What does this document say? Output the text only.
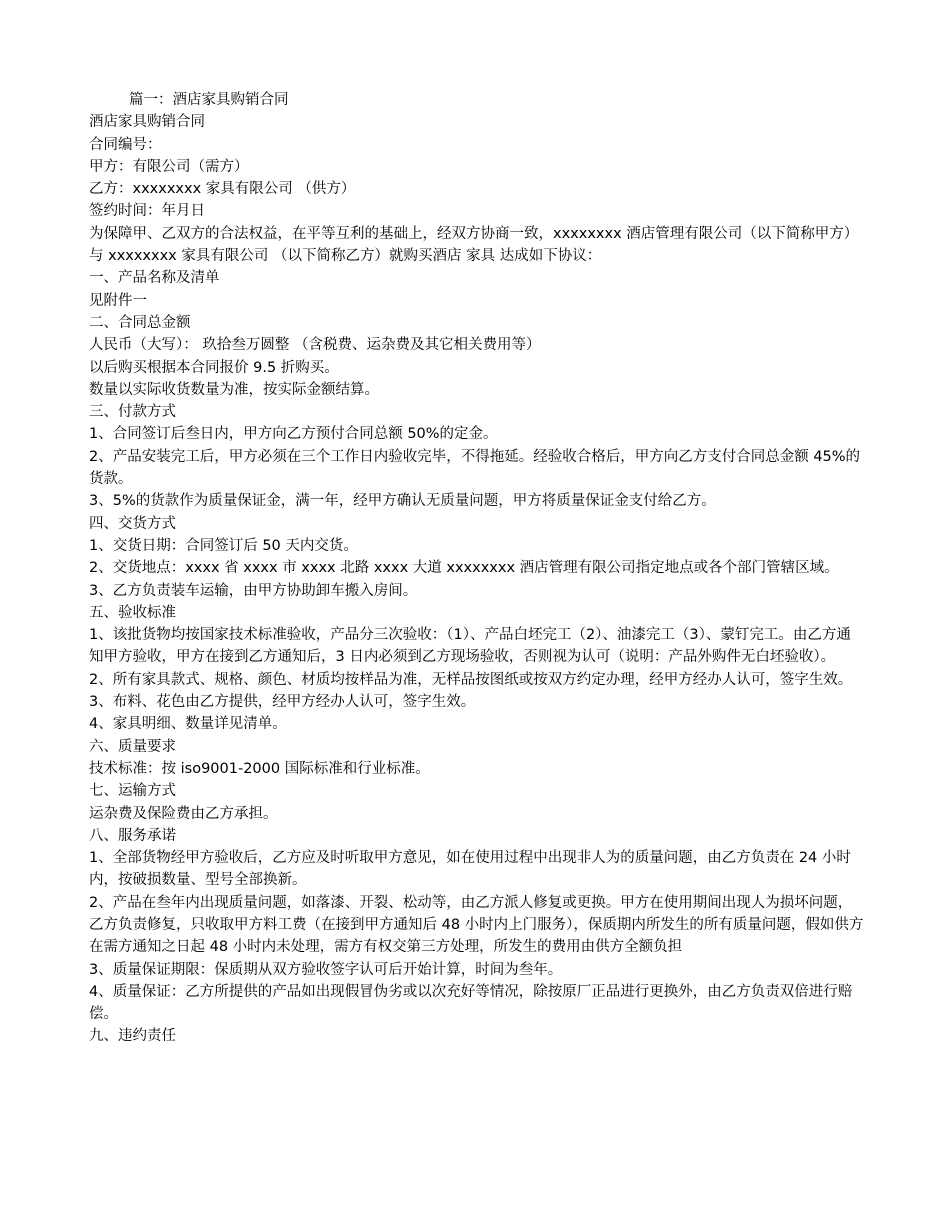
篇一：酒店家具购销合同

酒店家具购销合同

合同编号：

甲方：有限公司（需方）

乙方：xxxxxxxx 家具有限公司 （供方）

签约时间：年月日

为保障甲、乙双方的合法权益，在平等互利的基础上，经双方协商一致，xxxxxxxx 酒店管理有限公司（以下简称甲方）与 xxxxxxxx 家具有限公司 （以下简称乙方）就购买酒店 家具 达成如下协议：

一、产品名称及清单

见附件一

二、合同总金额

人民币（大写）： 玖拾叁万圆整 （含税费、运杂费及其它相关费用等）

以后购买根据本合同报价 9.5 折购买。

数量以实际收货数量为准，按实际金额结算。

三、付款方式

1、合同签订后叁日内，甲方向乙方预付合同总额 50%的定金。

2、产品安装完工后，甲方必须在三个工作日内验收完毕，不得拖延。经验收合格后，甲方向乙方支付合同总金额 45%的货款。

3、5%的货款作为质量保证金，满一年，经甲方确认无质量问题，甲方将质量保证金支付给乙方。

四、交货方式

1、交货日期：合同签订后 50 天内交货。

2、交货地点：xxxx 省 xxxx 市 xxxx 北路 xxxx 大道 xxxxxxxx 酒店管理有限公司指定地点或各个部门管辖区域。

3、乙方负责装车运输，由甲方协助卸车搬入房间。

五、验收标准

1、该批货物均按国家技术标准验收，产品分三次验收：（1）、产品白坯完工（2）、油漆完工（3）、蒙钉完工。由乙方通知甲方验收，甲方在接到乙方通知后，3 日内必须到乙方现场验收，否则视为认可（说明：产品外购件无白坯验收）。

2、所有家具款式、规格、颜色、材质均按样品为准，无样品按图纸或按双方约定办理，经甲方经办人认可，签字生效。

3、布料、花色由乙方提供，经甲方经办人认可，签字生效。

4、家具明细、数量详见清单。

六、质量要求

技术标准：按 iso9001-2000 国际标准和行业标准。

七、运输方式

运杂费及保险费由乙方承担。

八、服务承诺

1、全部货物经甲方验收后，乙方应及时听取甲方意见，如在使用过程中出现非人为的质量问题，由乙方负责在 24 小时内，按破损数量、型号全部换新。

2、产品在叁年内出现质量问题，如落漆、开裂、松动等，由乙方派人修复或更换。甲方在使用期间出现人为损坏问题，乙方负责修复，只收取甲方料工费（在接到甲方通知后 48 小时内上门服务），保质期内所发生的所有质量问题，假如供方在需方通知之日起 48 小时内未处理，需方有权交第三方处理，所发生的费用由供方全额负担

3、质量保证期限：保质期从双方验收签字认可后开始计算，时间为叁年。

4、质量保证：乙方所提供的产品如出现假冒伪劣或以次充好等情况，除按原厂正品进行更换外，由乙方负责双倍进行赔偿。

九、违约责任
